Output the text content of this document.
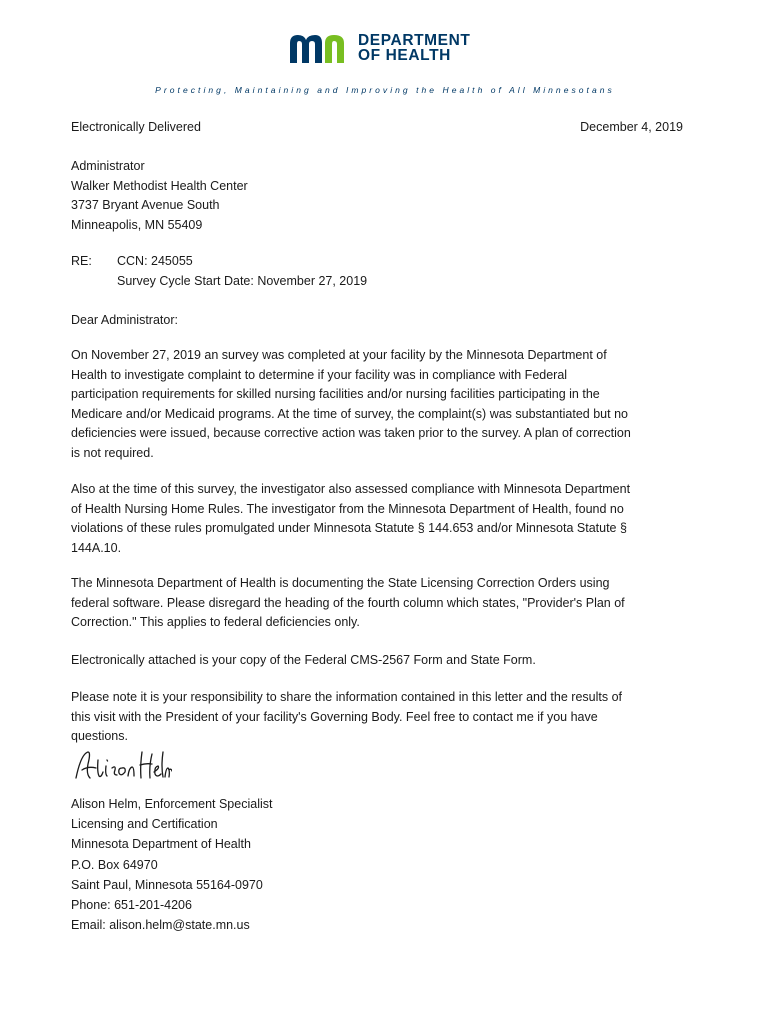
DEPARTMENT
OF HEALTH
Protecting, Maintaining and Improving the Health of All Minnesotans
Electronically Delivered	December 4, 2019

Administrator

Walker Methodist Health Center

3737 Bryant Avenue South

Minneapolis, MN 55409

RE:	CCN: 245055

Survey Cycle Start Date: November 27, 2019

Dear Administrator:

On November 27, 2019 an survey was completed at your facility by the Minnesota Department of

Health to investigate complaint to determine if your facility was in compliance with Federal

participation requirements for skilled nursing facilities and/or nursing facilities participating in the

Medicare and/or Medicaid programs. At the time of survey, the complaint(s) was substantiated but no

deficiencies were issued, because corrective action was taken prior to the survey. A plan of correction

is not required.

Also at the time of this survey, the investigator also assessed compliance with Minnesota Department

of Health Nursing Home Rules. The investigator from the Minnesota Department of Health, found no

violations of these rules promulgated under Minnesota Statute § 144.653 and/or Minnesota Statute §

144A.10.

The Minnesota Department of Health is documenting the State Licensing Correction Orders using

federal software. Please disregard the heading of the fourth column which states, "Provider's Plan of

Correction." This applies to federal deficiencies only.

Electronically attached is your copy of the Federal CMS-2567 Form and State Form.

Please note it is your responsibility to share the information contained in this letter and the results of

this visit with the President of your facility's Governing Body. Feel free to contact me if you have

questions.

Alison Helm, Enforcement Specialist

Licensing and Certification

Minnesota Department of Health

P.O. Box 64970

Saint Paul, Minnesota 55164-0970

Phone: 651-201-4206

Email: alison.helm@state.mn.us
